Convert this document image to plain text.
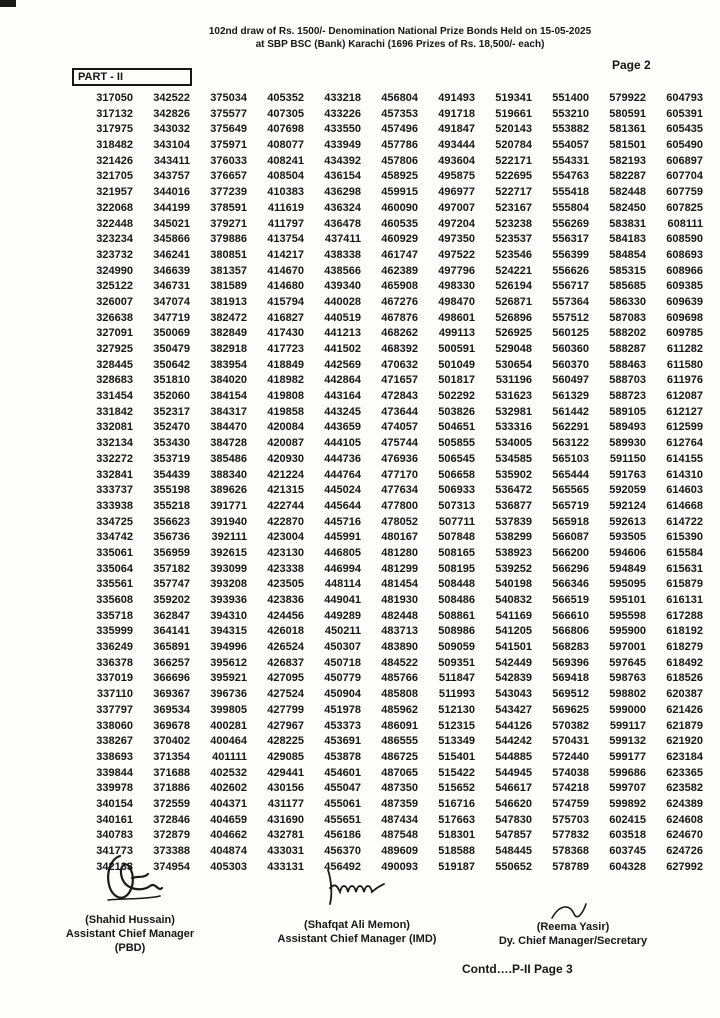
102nd draw of Rs. 1500/- Denomination National Prize Bonds Held on 15-05-2025
at SBP BSC (Bank) Karachi (1696 Prizes of Rs. 18,500/- each)
Page 2
PART - II
317050
317132
317975
318482
321426
321705
321957
322068
322448
323234
323732
324990
325122
326007
326638
327091
327925
328445
328683
331454
331842
332081
332134
332272
332841
333737
333938
334725
334742
335061
335064
335561
335608
335718
335999
336249
336378
337019
337110
337797
338060
338267
338693
339844
339978
340154
340161
340783
341773
342133
342522
342826
343032
343104
343411
343757
344016
344199
345021
345866
346241
346639
346731
347074
347719
350069
350479
350642
351810
352060
352317
352470
353430
353719
354439
355198
355218
356623
356736
356959
357182
357747
359202
362847
364141
365891
366257
366696
369367
369534
369678
370402
371354
371688
371886
372559
372846
372879
373388
374954
375034
375577
375649
375971
376033
376657
377239
378591
379271
379886
380851
381357
381589
381913
382472
382849
382918
383954
384020
384154
384317
384470
384728
385486
388340
389626
391771
391940
392111
392615
393099
393208
393936
394310
394315
394996
395612
395921
396736
399805
400281
400464
401111
402532
402602
404371
404659
404662
404874
405303
405352
407305
407698
408077
408241
408504
410383
411619
411797
413754
414217
414670
414680
415794
416827
417430
417723
418849
418982
419808
419858
420084
420087
420930
421224
421315
422744
422870
423004
423130
423338
423505
423836
424456
426018
426524
426837
427095
427524
427799
427967
428225
429085
429441
430156
431177
431690
432781
433031
433131
433218
433226
433550
433949
434392
436154
436298
436324
436478
437411
438338
438566
439340
440028
440519
441213
441502
442569
442864
443164
443245
443659
444105
444736
444764
445024
445644
445716
445991
446805
446994
448114
449041
449289
450211
450307
450718
450779
450904
451978
453373
453691
453878
454601
455047
455061
455651
456186
456370
456492
456804
457353
457496
457786
457806
458925
459915
460090
460535
460929
461747
462389
465908
467276
467876
468262
468392
470632
471657
472843
473644
474057
475744
476936
477170
477634
477800
478052
480167
481280
481299
481454
481930
482448
483713
483890
484522
485766
485808
485962
486091
486555
486725
487065
487350
487359
487434
487548
489609
490093
491493
491718
491847
493444
493604
495875
496977
497007
497204
497350
497522
497796
498330
498470
498601
499113
500591
501049
501817
502292
503826
504651
505855
506545
506658
506933
507313
507711
507848
508165
508195
508448
508486
508861
508986
509059
509351
511847
511993
512130
512315
513349
515401
515422
515652
516716
517663
518301
518588
519187
519341
519661
520143
520784
522171
522695
522717
523167
523238
523537
523546
524221
526194
526871
526896
526925
529048
530654
531196
531623
532981
533316
534005
534585
535902
536472
536877
537839
538299
538923
539252
540198
540832
541169
541205
541501
542449
542839
543043
543427
544126
544242
544885
544945
546617
546620
547830
547857
548445
550652
551400
553210
553882
554057
554331
554763
555418
555804
556269
556317
556399
556626
556717
557364
557512
560125
560360
560370
560497
561329
561442
562291
563122
565103
565444
565565
565719
565918
566087
566200
566296
566346
566519
566610
566806
568283
569396
569418
569512
569625
570382
570431
572440
574038
574218
574759
575703
577832
578368
578789
579922
580591
581361
581501
582193
582287
582448
582450
583831
584183
584854
585315
585685
586330
587083
588202
588287
588463
588703
588723
589105
589493
589930
591150
591763
592059
592124
592613
593505
594606
594849
595095
595101
595598
595900
597001
597645
598763
598802
599000
599117
599132
599177
599686
599707
599892
602415
603518
603745
604328
604793
605391
605435
605490
606897
607704
607759
607825
608111
608590
608693
608966
609385
609639
609698
609785
611282
611580
611976
612087
612127
612599
612764
614155
614310
614603
614668
614722
615390
615584
615631
615879
616131
617288
618192
618279
618492
618526
620387
621426
621879
621920
623184
623365
623582
624389
624608
624670
624726
627992
(Shahid Hussain)
Assistant Chief Manager (PBD)
(Shafqat Ali Memon)
Assistant Chief Manager (IMD)
(Reema Yasir)
Dy. Chief Manager/Secretary
Contd….P-II Page 3
